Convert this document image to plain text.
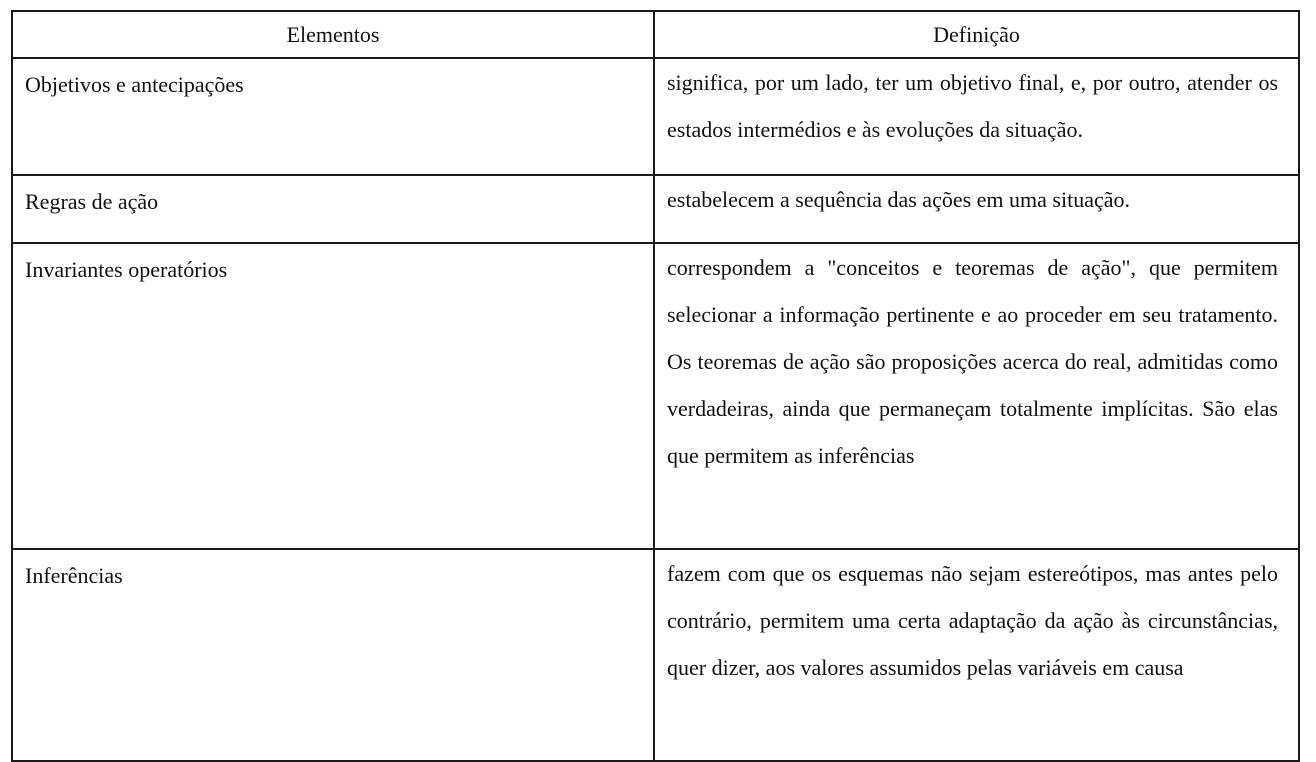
Elementos	Definição
Objetivos e antecipações	significa, por um lado, ter um objetivo final, e, por outro, atender os estados intermédios e às evoluções da situação.
Regras de ação	estabelecem a sequência das ações em uma situação.
Invariantes operatórios	correspondem a "conceitos e teoremas de ação", que permitem selecionar a informação pertinente e ao proceder em seu tratamento. Os teoremas de ação são proposições acerca do real, admitidas como verdadeiras, ainda que permaneçam totalmente implícitas. São elas que permitem as inferências
Inferências	fazem com que os esquemas não sejam estereótipos, mas antes pelo contrário, permitem uma certa adaptação da ação às circunstâncias, quer dizer, aos valores assumidos pelas variáveis em causa
